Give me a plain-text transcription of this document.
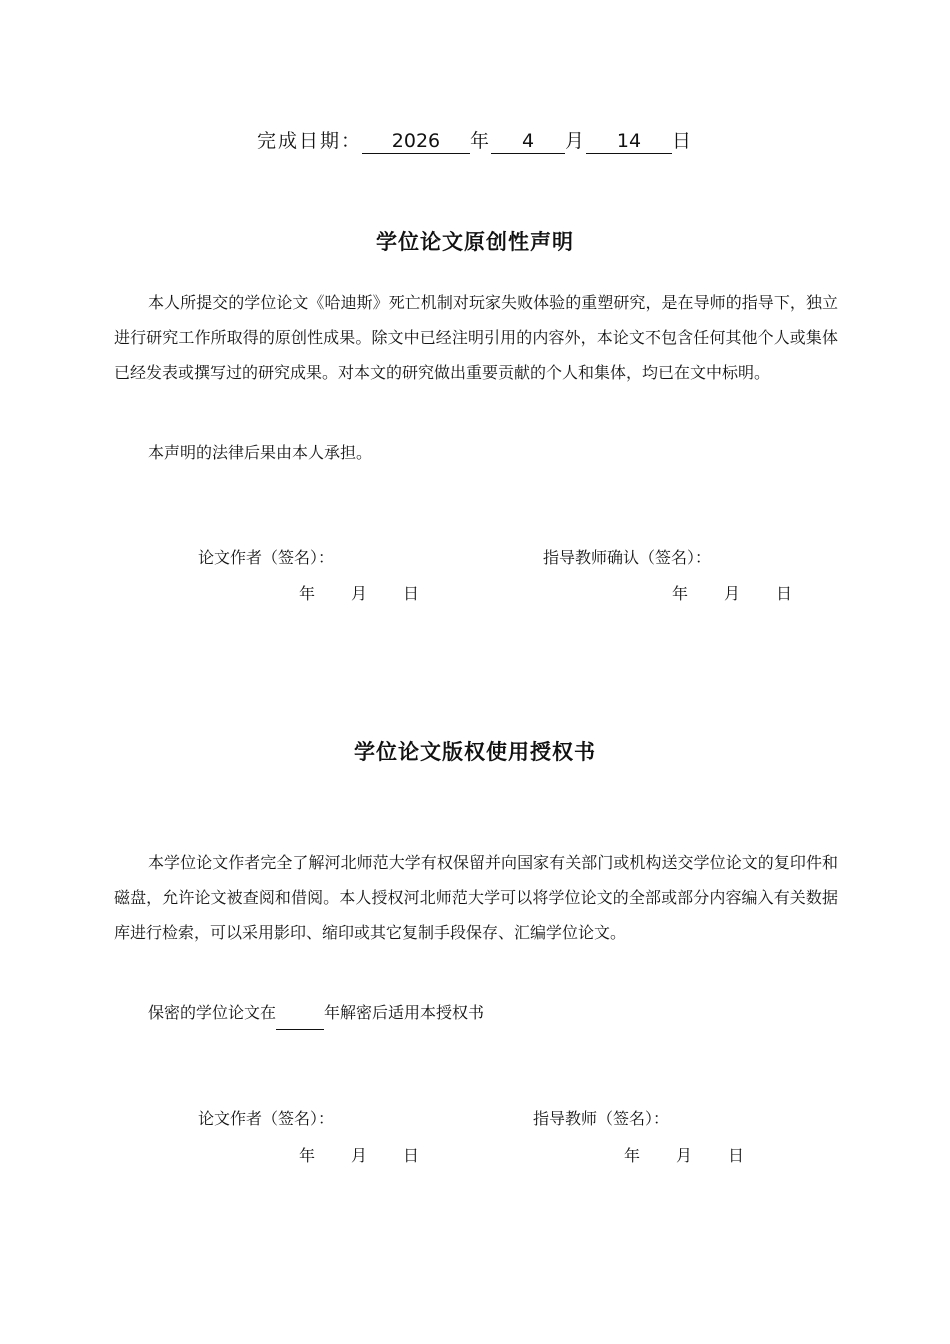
完成日期： 2026 年 4 月 14 日
学位论文原创性声明

本人所提交的学位论文《哈迪斯》死亡机制对玩家失败体验的重塑研究，是在导师的指导下，独立进行研究工作所取得的原创性成果。除文中已经注明引用的内容外，本论文不包含任何其他个人或集体已经发表或撰写过的研究成果。对本文的研究做出重要贡献的个人和集体，均已在文中标明。

本声明的法律后果由本人承担。

论文作者（签名）：	指导教师确认（签名）：
年 月 日	年 月 日
学位论文版权使用授权书

本学位论文作者完全了解河北师范大学有权保留并向国家有关部门或机构送交学位论文的复印件和磁盘，允许论文被查阅和借阅。本人授权河北师范大学可以将学位论文的全部或部分内容编入有关数据库进行检索，可以采用影印、缩印或其它复制手段保存、汇编学位论文。

保密的学位论文在	年解密后适用本授权书

论文作者（签名）：	指导教师（签名）：
年 月 日	年 月 日
